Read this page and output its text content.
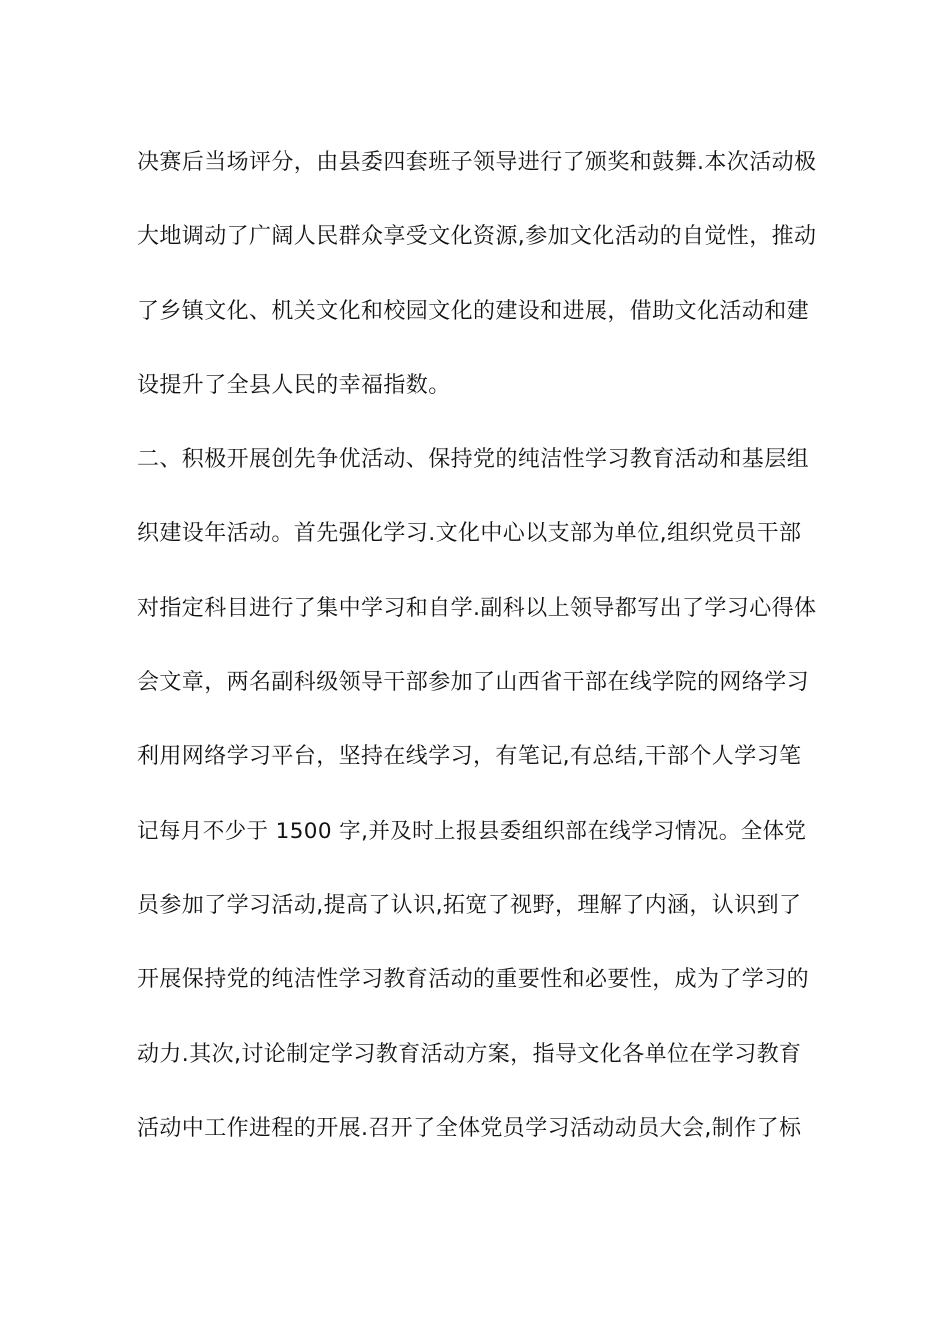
决赛后当场评分，由县委四套班子领导进行了颁奖和鼓舞.本次活动极
大地调动了广阔人民群众享受文化资源,参加文化活动的自觉性，推动
了乡镇文化、机关文化和校园文化的建设和进展，借助文化活动和建
设提升了全县人民的幸福指数。
二、积极开展创先争优活动、保持党的纯洁性学习教育活动和基层组
织建设年活动。首先强化学习.文化中心以支部为单位,组织党员干部
对指定科目进行了集中学习和自学.副科以上领导都写出了学习心得体
会文章，两名副科级领导干部参加了山西省干部在线学院的网络学习
利用网络学习平台，坚持在线学习，有笔记,有总结,干部个人学习笔
记每月不少于 1500 字,并及时上报县委组织部在线学习情况。全体党
员参加了学习活动,提高了认识,拓宽了视野，理解了内涵，认识到了
开展保持党的纯洁性学习教育活动的重要性和必要性，成为了学习的
动力.其次,讨论制定学习教育活动方案，指导文化各单位在学习教育
活动中工作进程的开展.召开了全体党员学习活动动员大会,制作了标
